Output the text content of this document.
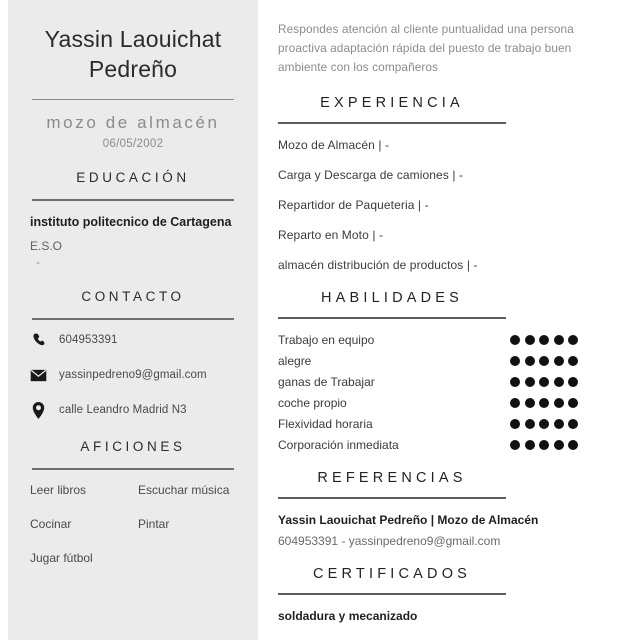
Yassin Laouichat
Pedreño
mozo de almacén
06/05/2002
EDUCACIÓN
instituto politecnico de Cartagena
E.S.O
-
CONTACTO
604953391
yassinpedreno9@gmail.com
calle Leandro Madrid N3
AFICIONES
Leer libros	Escuchar música
Cocinar	Pintar
Jugar fútbol
Respondes atención al cliente puntualidad una persona proactiva adaptación rápida del puesto de trabajo buen ambiente con los compañeros
EXPERIENCIA
Mozo de Almacén | -
Carga y Descarga de camiones | -
Repartidor de Paqueteria | -
Reparto en Moto | -
almacén distribución de productos | -
HABILIDADES
Trabajo en equipo
alegre
ganas de Trabajar
coche propio
Flexividad horaria
Corporación inmediata
REFERENCIAS
Yassin Laouichat Pedreño | Mozo de Almacén
604953391 - yassinpedreno9@gmail.com
CERTIFICADOS
soldadura y mecanizado
